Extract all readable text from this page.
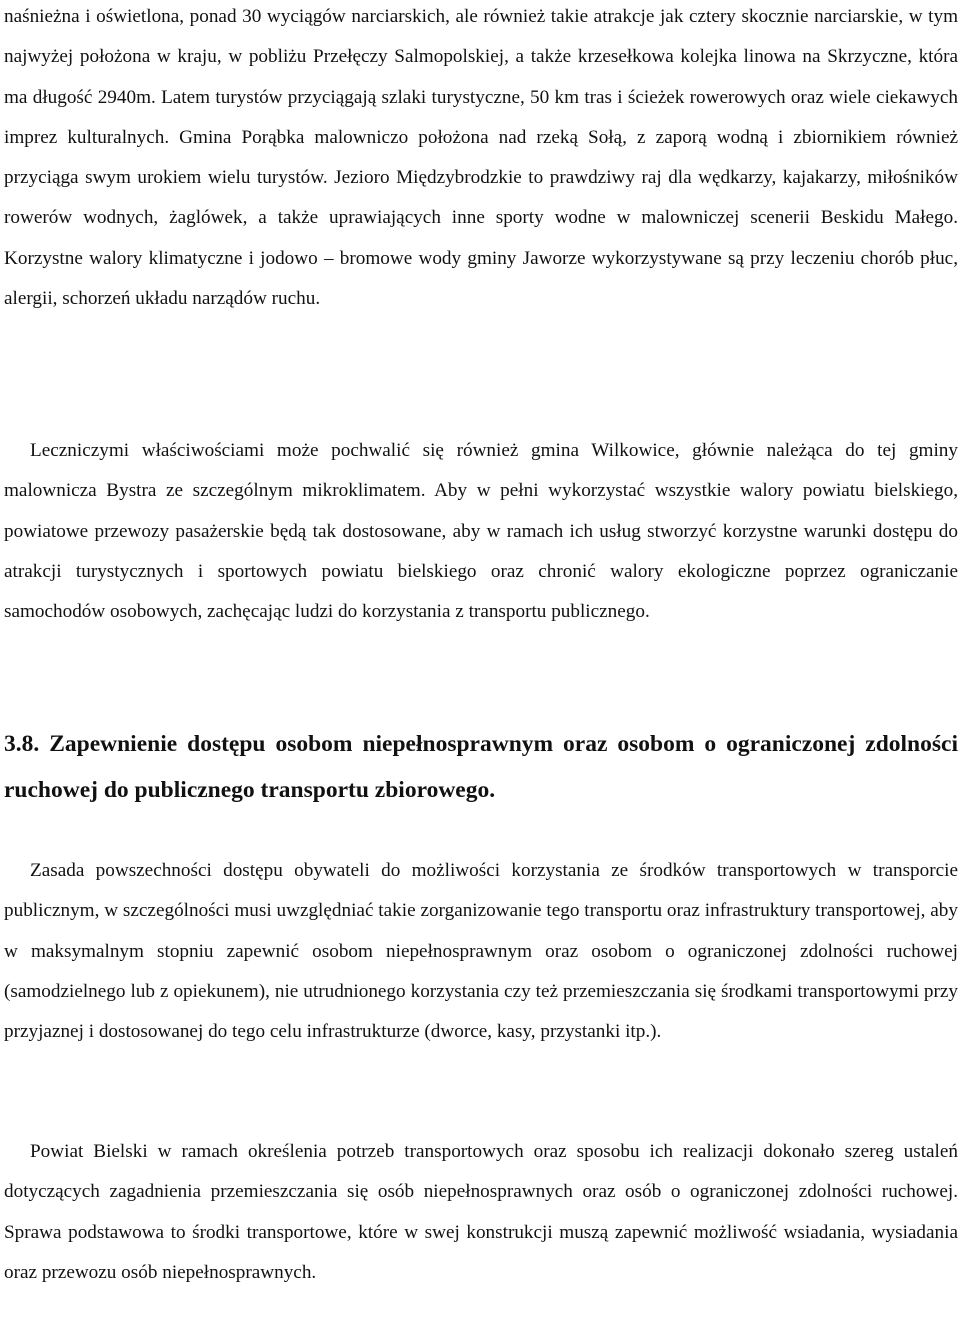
naśnieżna i oświetlona, ponad 30 wyciągów narciarskich, ale również takie atrakcje jak cztery skocznie narciarskie, w tym najwyżej położona w kraju, w pobliżu Przełęczy Salmopolskiej, a także krzesełkowa kolejka linowa na Skrzyczne, która ma długość 2940m. Latem turystów przyciągają szlaki turystyczne, 50 km tras i ścieżek rowerowych oraz wiele ciekawych imprez kulturalnych. Gmina Porąbka malowniczo położona nad rzeką Sołą, z zaporą wodną i zbiornikiem również przyciąga swym urokiem wielu turystów. Jezioro Międzybrodzkie to prawdziwy raj dla wędkarzy, kajakarzy, miłośników rowerów wodnych, żaglówek, a także uprawiających inne sporty wodne w malowniczej scenerii Beskidu Małego. Korzystne walory klimatyczne i jodowo – bromowe wody gminy Jaworze wykorzystywane są przy leczeniu chorób płuc, alergii, schorzeń układu narządów ruchu.

Leczniczymi właściwościami może pochwalić się również gmina Wilkowice, głównie należąca do tej gminy malownicza Bystra ze szczególnym mikroklimatem. Aby w pełni wykorzystać wszystkie walory powiatu bielskiego, powiatowe przewozy pasażerskie będą tak dostosowane, aby w ramach ich usług stworzyć korzystne warunki dostępu do atrakcji turystycznych i sportowych powiatu bielskiego oraz chronić walory ekologiczne poprzez ograniczanie samochodów osobowych, zachęcając ludzi do korzystania z transportu publicznego.

3.8. Zapewnienie dostępu osobom niepełnosprawnym oraz osobom o ograniczonej zdolności ruchowej do publicznego transportu zbiorowego.

Zasada powszechności dostępu obywateli do możliwości korzystania ze środków transportowych w transporcie publicznym, w szczególności musi uwzględniać takie zorganizowanie tego transportu oraz infrastruktury transportowej, aby w maksymalnym stopniu zapewnić osobom niepełnosprawnym oraz osobom o ograniczonej zdolności ruchowej (samodzielnego lub z opiekunem), nie utrudnionego korzystania czy też przemieszczania się środkami transportowymi przy przyjaznej i dostosowanej do tego celu infrastrukturze (dworce, kasy, przystanki itp.).

Powiat Bielski w ramach określenia potrzeb transportowych oraz sposobu ich realizacji dokonało szereg ustaleń dotyczących zagadnienia przemieszczania się osób niepełnosprawnych oraz osób o ograniczonej zdolności ruchowej. Sprawa podstawowa to środki transportowe, które w swej konstrukcji muszą zapewnić możliwość wsiadania, wysiadania oraz przewozu osób niepełnosprawnych.
